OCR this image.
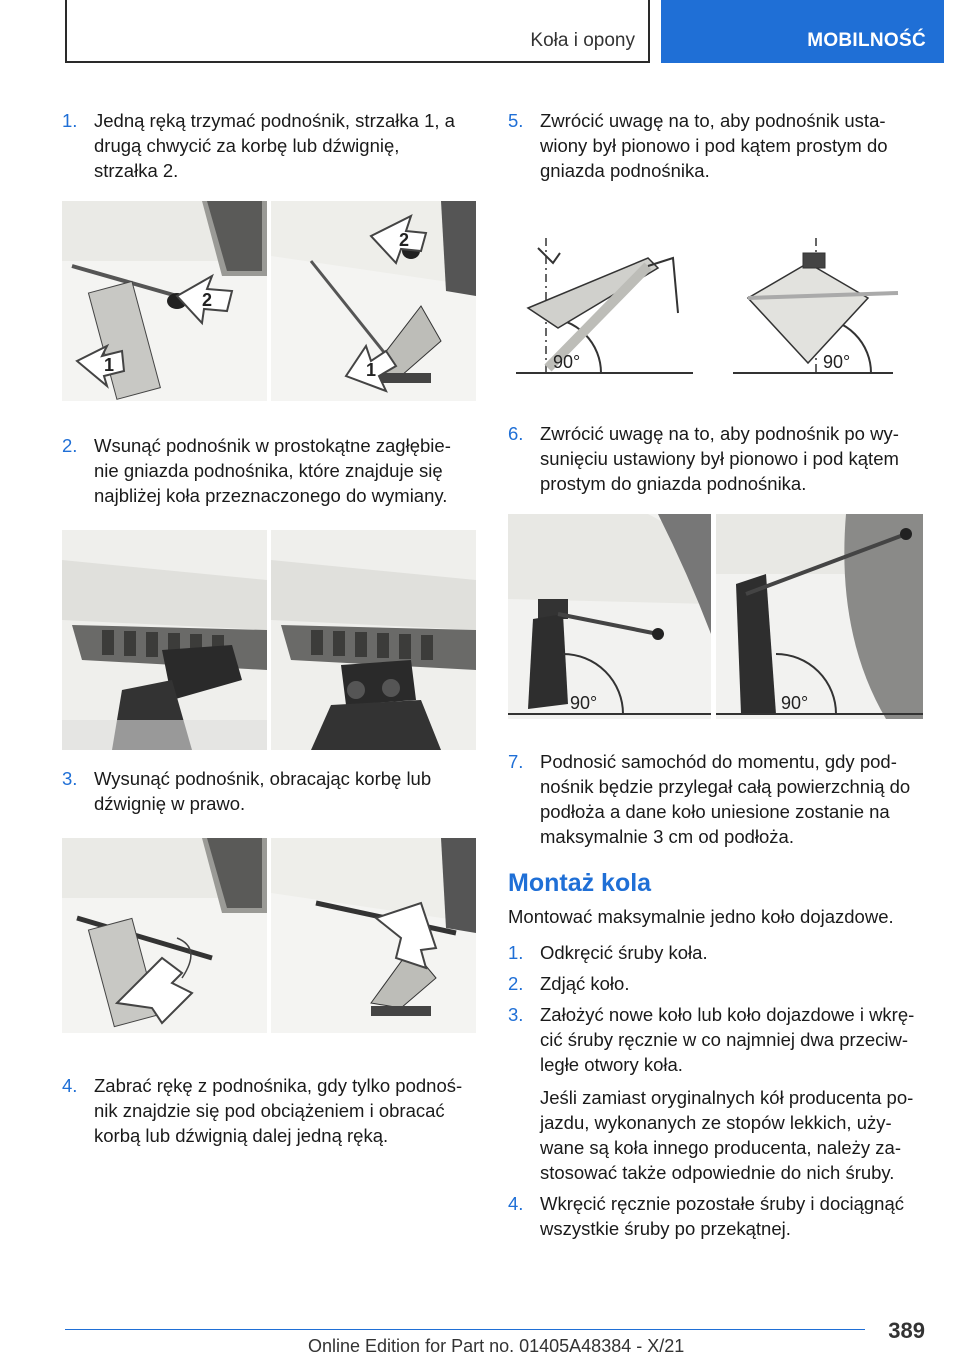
Koła i opony	MOBILNOŚĆ
1. Jedną ręką trzymać podnośnik, strzałka 1, a drugą chwycić za korbę lub dźwignię, strzałka 2.
1
2
2
1
2. Wsunąć podnośnik w prostokątne zagłębienie gniazda podnośnika, które znajduje się najbliżej koła przeznaczonego do wymiany.
3. Wysunąć podnośnik, obracając korbę lub dźwignię w prawo.
4. Zabrać rękę z podnośnika, gdy tylko podnośnik znajdzie się pod obciążeniem i obracać korbą lub dźwignią dalej jedną ręką.
5. Zwrócić uwagę na to, aby podnośnik ustawiony był pionowo i pod kątem prostym do gniazda podnośnika.
90°	90°
6. Zwrócić uwagę na to, aby podnośnik po wysunięciu ustawiony był pionowo i pod kątem prostym do gniazda podnośnika.
90°	90°
7. Podnosić samochód do momentu, gdy podnośnik będzie przylegał całą powierzchnią do podłoża a dane koło uniesione zostanie na maksymalnie 3 cm od podłoża.
Montaż kola
Montować maksymalnie jedno koło dojazdowe.
1. Odkręcić śruby koła.
2. Zdjąć koło.
3. Założyć nowe koło lub koło dojazdowe i wkręcić śruby ręcznie w co najmniej dwa przeciwległe otwory koła.
Jeśli zamiast oryginalnych kół producenta pojazdu, wykonanych ze stopów lekkich, używane są koła innego producenta, należy zastosować także odpowiednie do nich śruby.
4. Wkręcić ręcznie pozostałe śruby i dociągnąć wszystkie śruby po przekątnej.
389
Online Edition for Part no. 01405A48384 - X/21
